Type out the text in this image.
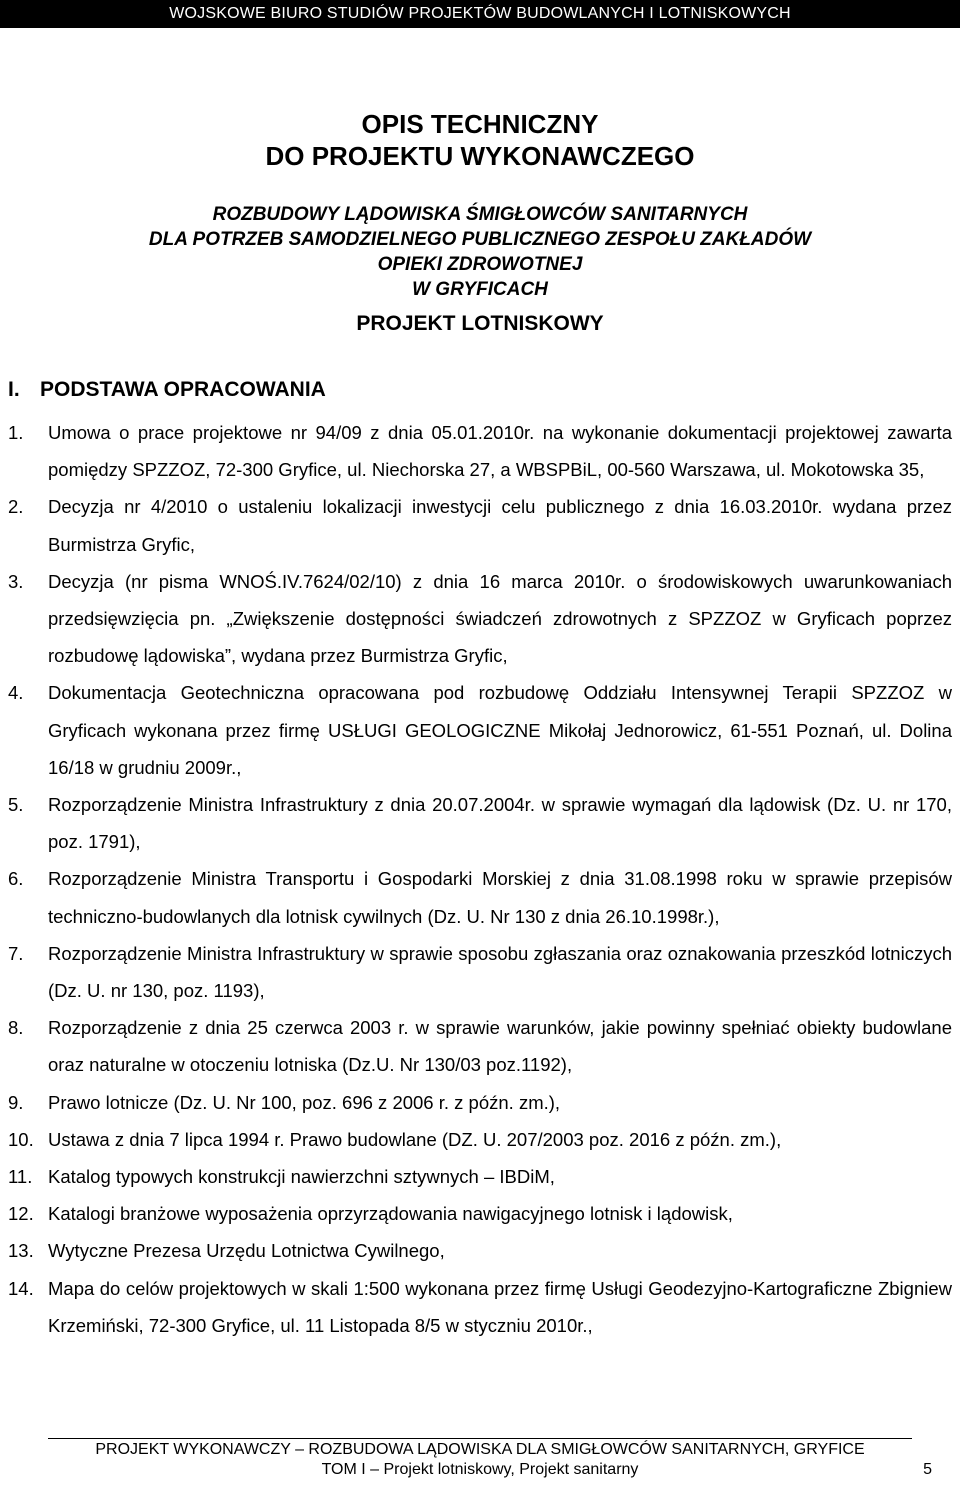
WOJSKOWE BIURO STUDIÓW PROJEKTÓW BUDOWLANYCH I LOTNISKOWYCH
OPIS TECHNICZNY
DO PROJEKTU WYKONAWCZEGO
ROZBUDOWY LĄDOWISKA ŚMIGŁOWCÓW SANITARNYCH
DLA POTRZEB SAMODZIELNEGO PUBLICZNEGO ZESPOŁU ZAKŁADÓW
OPIEKI ZDROWOTNEJ
W GRYFICACH
PROJEKT LOTNISKOWY
I. PODSTAWA OPRACOWANIA
1. Umowa o prace projektowe nr 94/09 z dnia 05.01.2010r. na wykonanie dokumentacji projektowej zawarta pomiędzy SPZZOZ, 72-300 Gryfice, ul. Niechorska 27, a WBSPBiL, 00-560 Warszawa, ul. Mokotowska 35,
2. Decyzja nr 4/2010 o ustaleniu lokalizacji inwestycji celu publicznego z dnia 16.03.2010r. wydana przez Burmistrza Gryfic,
3. Decyzja (nr pisma WNOŚ.IV.7624/02/10) z dnia 16 marca 2010r. o środowiskowych uwarunkowaniach przedsięwzięcia pn. „Zwiększenie dostępności świadczeń zdrowotnych z SPZZOZ w Gryficach poprzez rozbudowę lądowiska”, wydana przez Burmistrza Gryfic,
4. Dokumentacja Geotechniczna opracowana pod rozbudowę Oddziału Intensywnej Terapii SPZZOZ w Gryficach wykonana przez firmę USŁUGI GEOLOGICZNE Mikołaj Jednorowicz, 61-551 Poznań, ul. Dolina 16/18 w grudniu 2009r.,
5. Rozporządzenie Ministra Infrastruktury z dnia 20.07.2004r. w sprawie wymagań dla lądowisk (Dz. U. nr 170, poz. 1791),
6. Rozporządzenie Ministra Transportu i Gospodarki Morskiej z dnia 31.08.1998 roku w sprawie przepisów techniczno-budowlanych dla lotnisk cywilnych (Dz. U. Nr 130 z dnia 26.10.1998r.),
7. Rozporządzenie Ministra Infrastruktury w sprawie sposobu zgłaszania oraz oznakowania przeszkód lotniczych (Dz. U. nr 130, poz. 1193),
8. Rozporządzenie z dnia 25 czerwca 2003 r. w sprawie warunków, jakie powinny spełniać obiekty budowlane oraz naturalne w otoczeniu lotniska (Dz.U. Nr 130/03 poz.1192),
9. Prawo lotnicze (Dz. U. Nr 100, poz. 696 z 2006 r. z późn. zm.),
10. Ustawa z dnia 7 lipca 1994 r. Prawo budowlane (DZ. U. 207/2003 poz. 2016 z późn. zm.),
11. Katalog typowych konstrukcji nawierzchni sztywnych – IBDiM,
12. Katalogi branżowe wyposażenia oprzyrządowania nawigacyjnego lotnisk i lądowisk,
13. Wytyczne Prezesa Urzędu Lotnictwa Cywilnego,
14. Mapa do celów projektowych w skali 1:500 wykonana przez firmę Usługi Geodezyjno-Kartograficzne Zbigniew Krzemiński, 72-300 Gryfice, ul. 11 Listopada 8/5 w styczniu 2010r.,
PROJEKT WYKONAWCZY – ROZBUDOWA LĄDOWISKA DLA SMIGŁOWCÓW SANITARNYCH, GRYFICE
TOM I – Projekt lotniskowy, Projekt sanitarny	5
